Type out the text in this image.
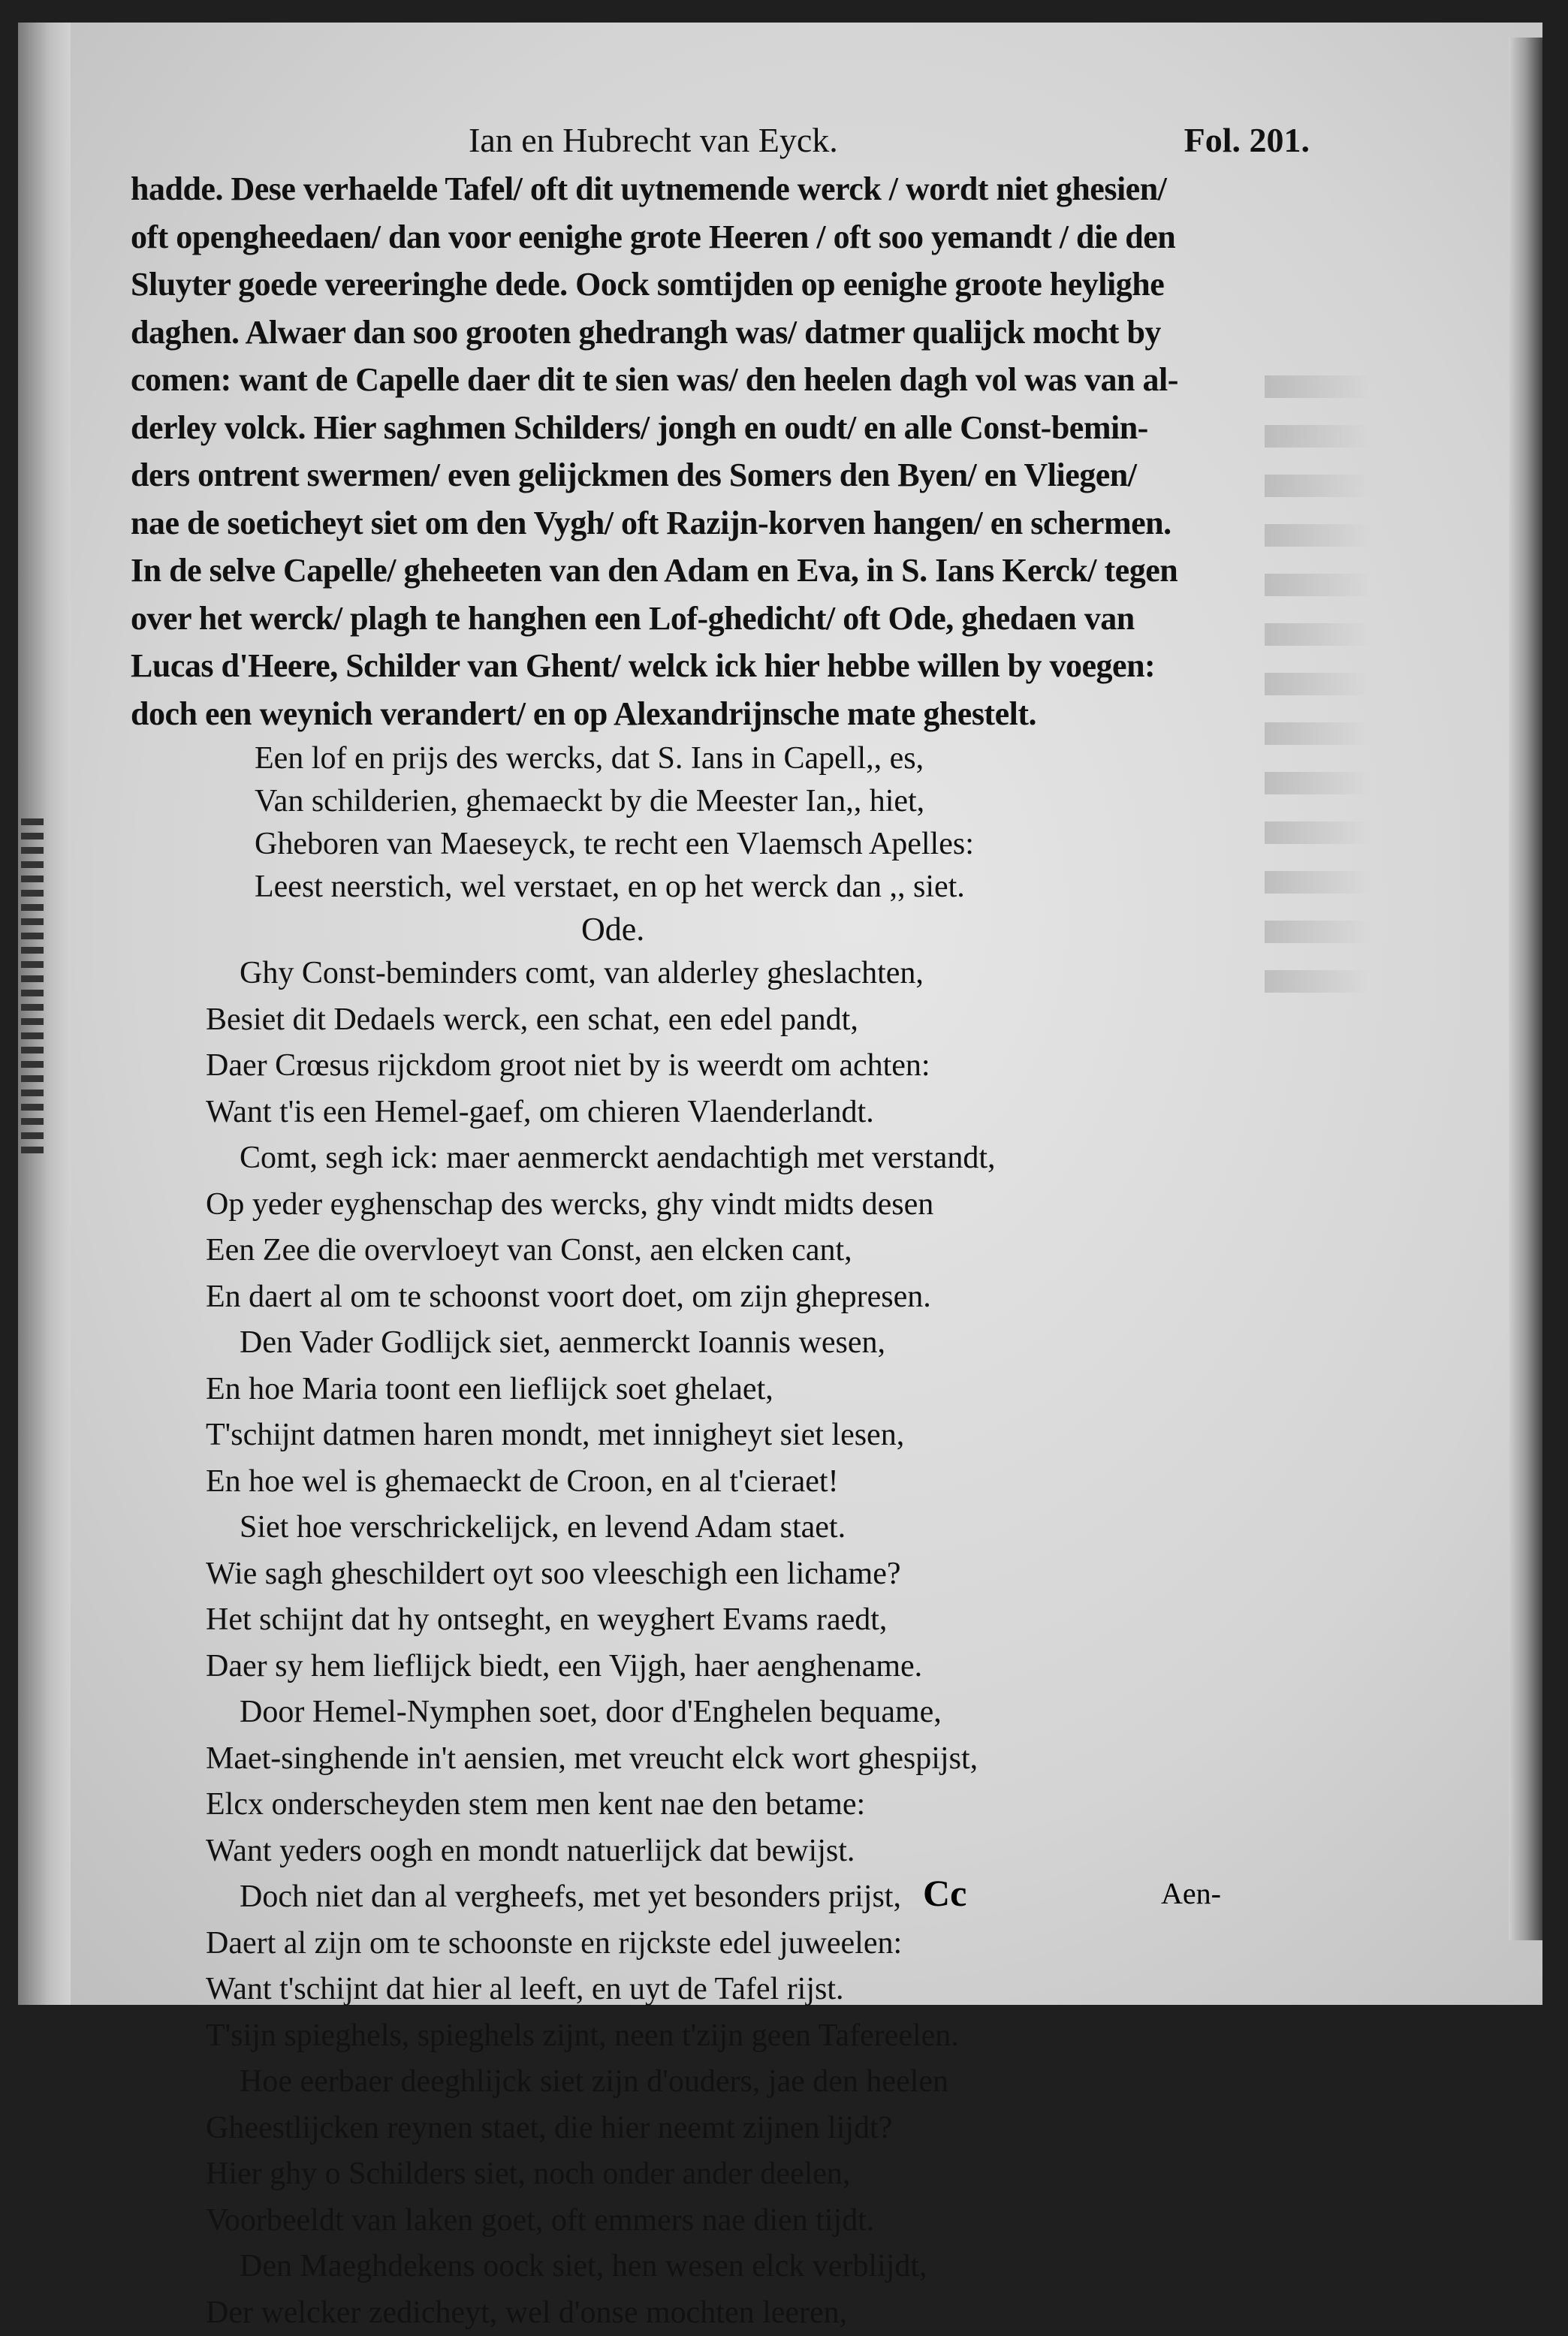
Ian en Hubrecht van Eyck.	Fol. 201.
hadde. Dese verhaelde Tafel/ oft dit uytnemende werck / wordt niet ghesien/
oft opengheedaen/ dan voor eenighe grote Heeren / oft soo yemandt / die den
Sluyter goede vereeringhe dede. Oock somtijden op eenighe groote heylighe
daghen. Alwaer dan soo grooten ghedrangh was/ datmer qualijck mocht by
comen: want de Capelle daer dit te sien was/ den heelen dagh vol was van al-
derley volck. Hier saghmen Schilders/ jongh en oudt/ en alle Const-bemin-
ders ontrent swermen/ even gelijckmen des Somers den Byen/ en Vliegen/
nae de soeticheyt siet om den Vygh/ oft Razijn-korven hangen/ en schermen.
In de selve Capelle/ gheheeten van den Adam en Eva, in S. Ians Kerck/ tegen
over het werck/ plagh te hanghen een Lof-ghedicht/ oft Ode, ghedaen van
Lucas d'Heere, Schilder van Ghent/ welck ick hier hebbe willen by voegen:
doch een weynich verandert/ en op Alexandrijnsche mate ghestelt.
Een lof en prijs des wercks, dat S. Ians in Capell,, es,
Van schilderien, ghemaeckt by die Meester Ian,, hiet,
Gheboren van Maeseyck, te recht een Vlaemsch Apelles:
Leest neerstich, wel verstaet, en op het werck dan ,, siet.
Ode.
Ghy Const-beminders comt, van alderley gheslachten,
Besiet dit Dedaels werck, een schat, een edel pandt,
Daer Crœsus rijckdom groot niet by is weerdt om achten:
Want t'is een Hemel-gaef, om chieren Vlaenderlandt.
Comt, segh ick: maer aenmerckt aendachtigh met verstandt,
Op yeder eyghenschap des wercks, ghy vindt midts desen
Een Zee die overvloeyt van Const, aen elcken cant,
En daert al om te schoonst voort doet, om zijn ghepresen.
Den Vader Godlijck siet, aenmerckt Ioannis wesen,
En hoe Maria toont een lieflijck soet ghelaet,
T'schijnt datmen haren mondt, met innigheyt siet lesen,
En hoe wel is ghemaeckt de Croon, en al t'cieraet!
Siet hoe verschrickelijck, en levend Adam staet.
Wie sagh gheschildert oyt soo vleeschigh een lichame?
Het schijnt dat hy ontseght, en weyghert Evams raedt,
Daer sy hem lieflijck biedt, een Vijgh, haer aenghename.
Door Hemel-Nymphen soet, door d'Enghelen bequame,
Maet-singhende in't aensien, met vreucht elck wort ghespijst,
Elcx onderscheyden stem men kent nae den betame:
Want yeders oogh en mondt natuerlijck dat bewijst.
Doch niet dan al vergheefs, met yet besonders prijst,
Daert al zijn om te schoonste en rijckste edel juweelen:
Want t'schijnt dat hier al leeft, en uyt de Tafel rijst.
T'sijn spieghels, spieghels zijnt, neen t'zijn geen Tafereelen.
Hoe eerbaer deeghlijck siet zijn d'ouders, jae den heelen
Gheestlijcken reynen staet, die hier neemt zijnen lijdt?
Hier ghy o Schilders siet, noch onder ander deelen,
Voorbeeldt van laken goet, oft emmers nae dien tijdt.
Den Maeghdekens oock siet, hen wesen elck verblijdt,
Der welcker zedicheyt, wel d'onse mochten leeren,
Cc	Aen-
